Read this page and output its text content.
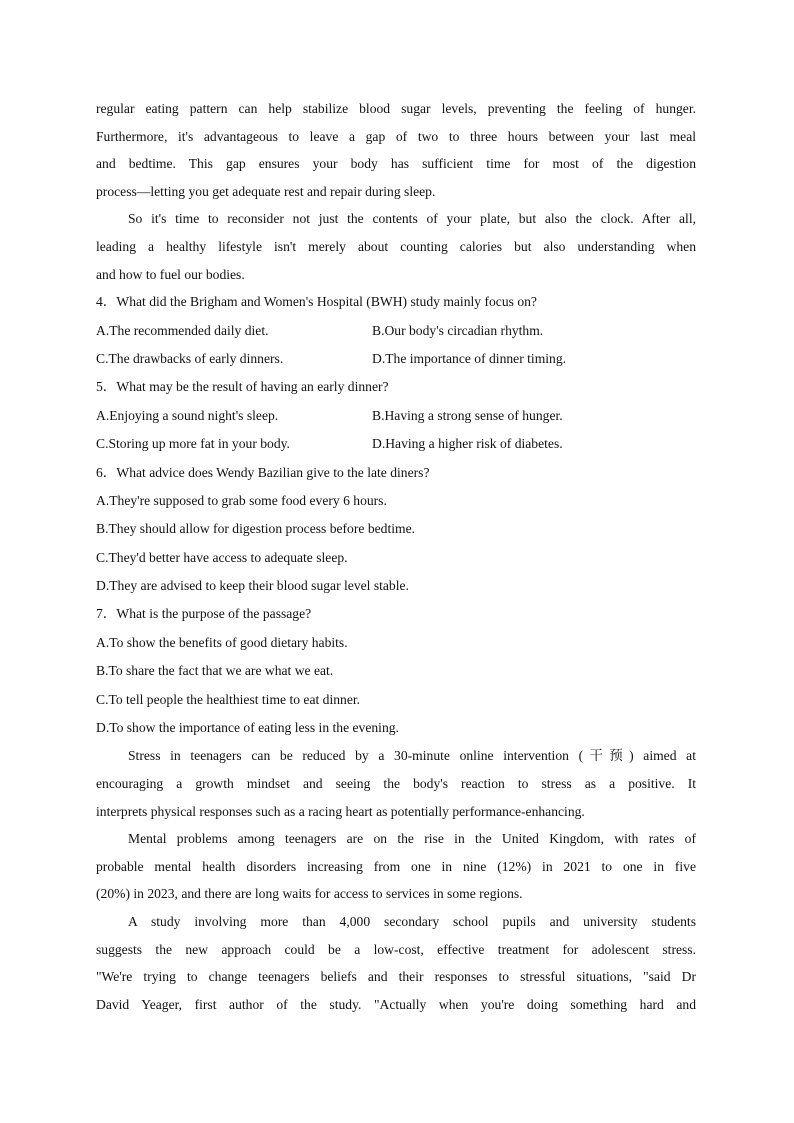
regular eating pattern can help stabilize blood sugar levels, preventing the feeling of hunger.
Furthermore, it's advantageous to leave a gap of two to three hours between your last meal
and bedtime. This gap ensures your body has sufficient time for most of the digestion
process—letting you get adequate rest and repair during sleep.
So it's time to reconsider not just the contents of your plate, but also the clock. After all,
leading a healthy lifestyle isn't merely about counting calories but also understanding when
and how to fuel our bodies.
4．What did the Brigham and Women's Hospital (BWH) study mainly focus on?
A.The recommended daily diet.	B.Our body's circadian rhythm.
C.The drawbacks of early dinners.	D.The importance of dinner timing.
5．What may be the result of having an early dinner?
A.Enjoying a sound night's sleep.	B.Having a strong sense of hunger.
C.Storing up more fat in your body.	D.Having a higher risk of diabetes.
6．What advice does Wendy Bazilian give to the late diners?
A.They're supposed to grab some food every 6 hours.
B.They should allow for digestion process before bedtime.
C.They'd better have access to adequate sleep.
D.They are advised to keep their blood sugar level stable.
7．What is the purpose of the passage?
A.To show the benefits of good dietary habits.
B.To share the fact that we are what we eat.
C.To tell people the healthiest time to eat dinner.
D.To show the importance of eating less in the evening.
Stress in teenagers can be reduced by a 30-minute online intervention (干预) aimed at
encouraging a growth mindset and seeing the body's reaction to stress as a positive. It
interprets physical responses such as a racing heart as potentially performance-enhancing.
Mental problems among teenagers are on the rise in the United Kingdom, with rates of
probable mental health disorders increasing from one in nine (12%) in 2021 to one in five
(20%) in 2023, and there are long waits for access to services in some regions.
A study involving more than 4,000 secondary school pupils and university students
suggests the new approach could be a low-cost, effective treatment for adolescent stress.
"We're trying to change teenagers beliefs and their responses to stressful situations, "said Dr
David Yeager, first author of the study. "Actually when you're doing something hard and
